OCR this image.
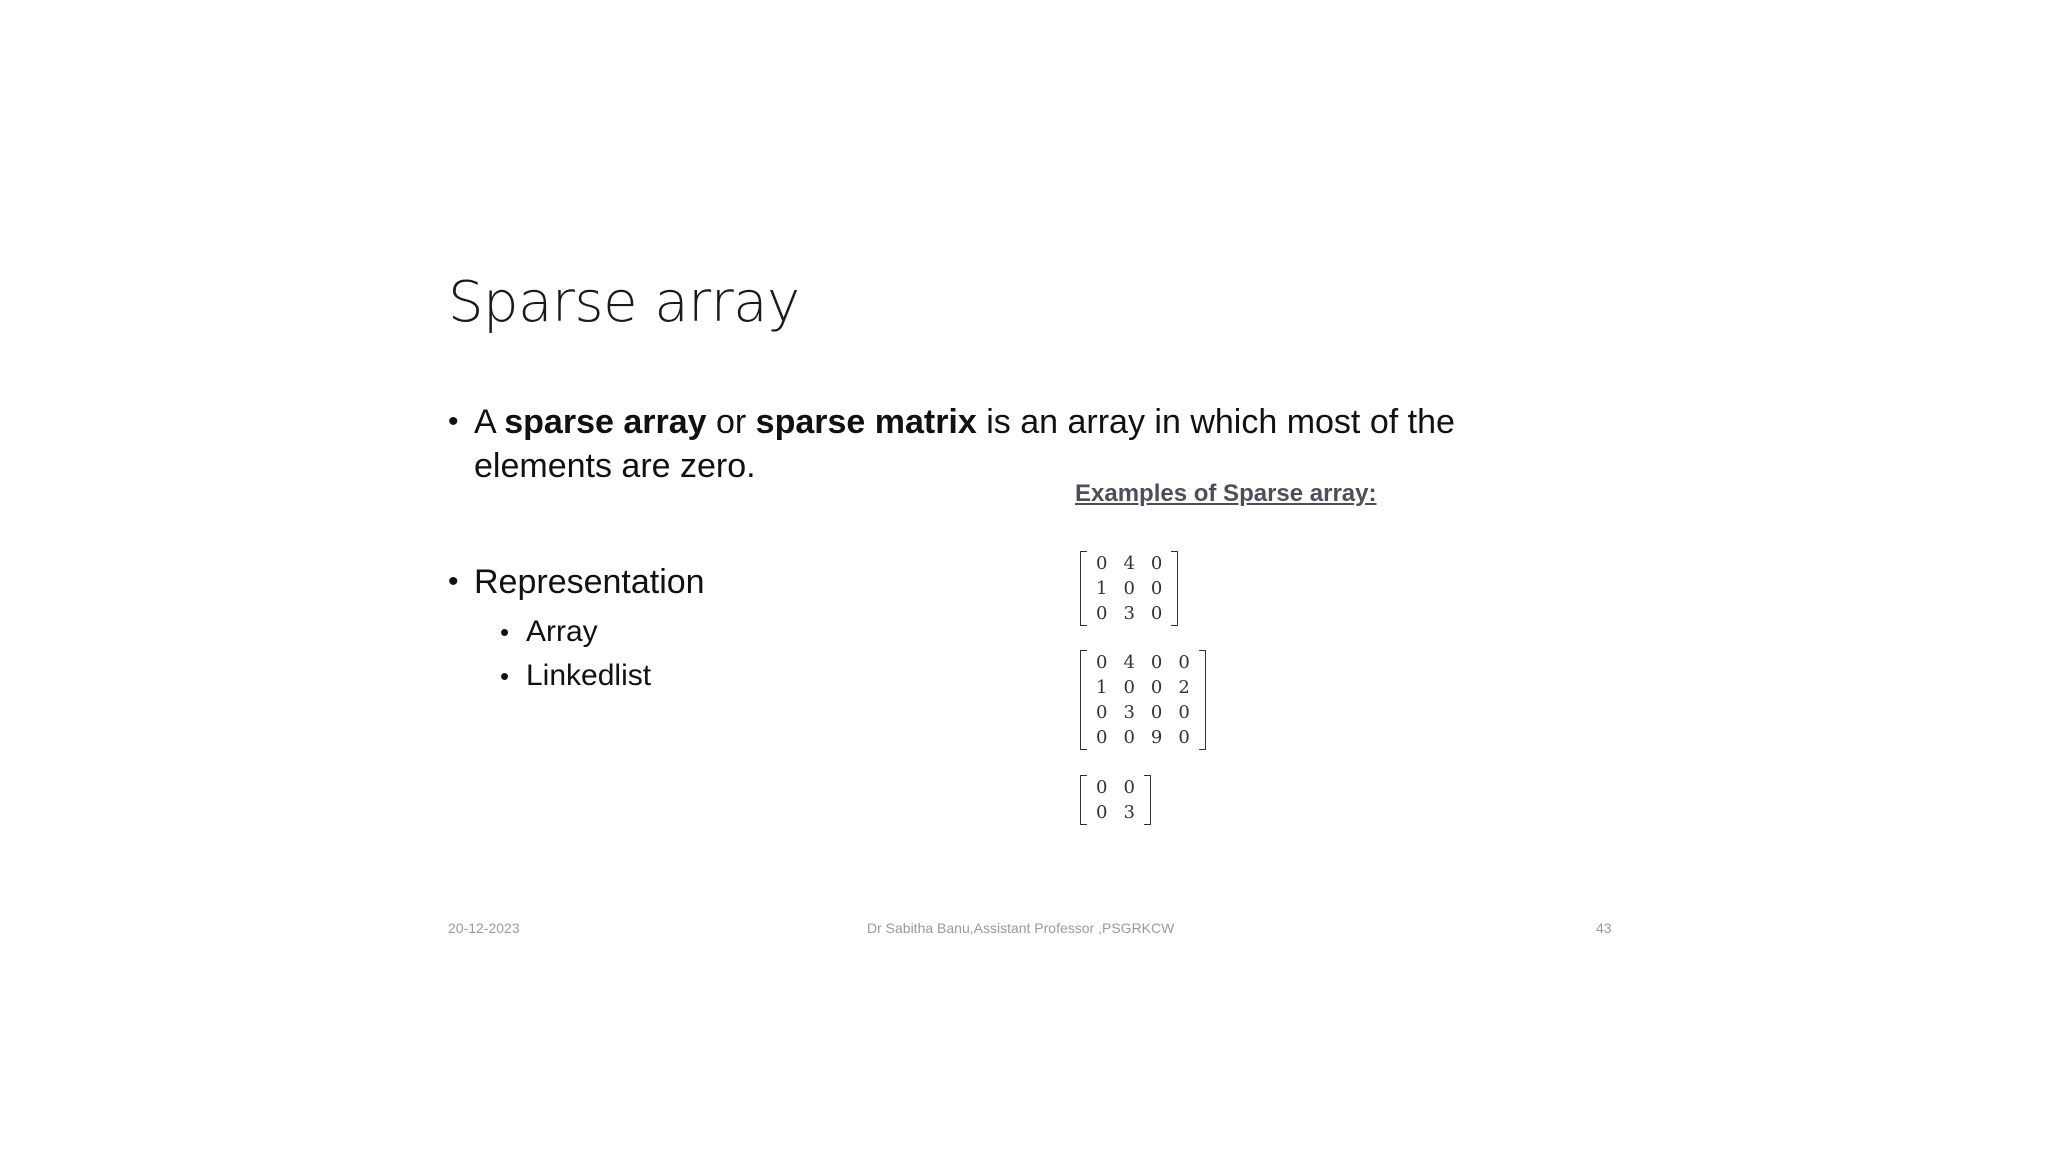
Sparse array
• A sparse array or sparse matrix is an array in which most of the elements are zero.
• Representation
• Array
• Linkedlist
Examples of Sparse array:
0	4	0
1	0	0
0	3	0
0	4	0	0
1	0	0	2
0	3	0	0
0	0	9	0
0	0
0	3
20-12-2023	Dr Sabitha Banu,Assistant Professor ,PSGRKCW	43
